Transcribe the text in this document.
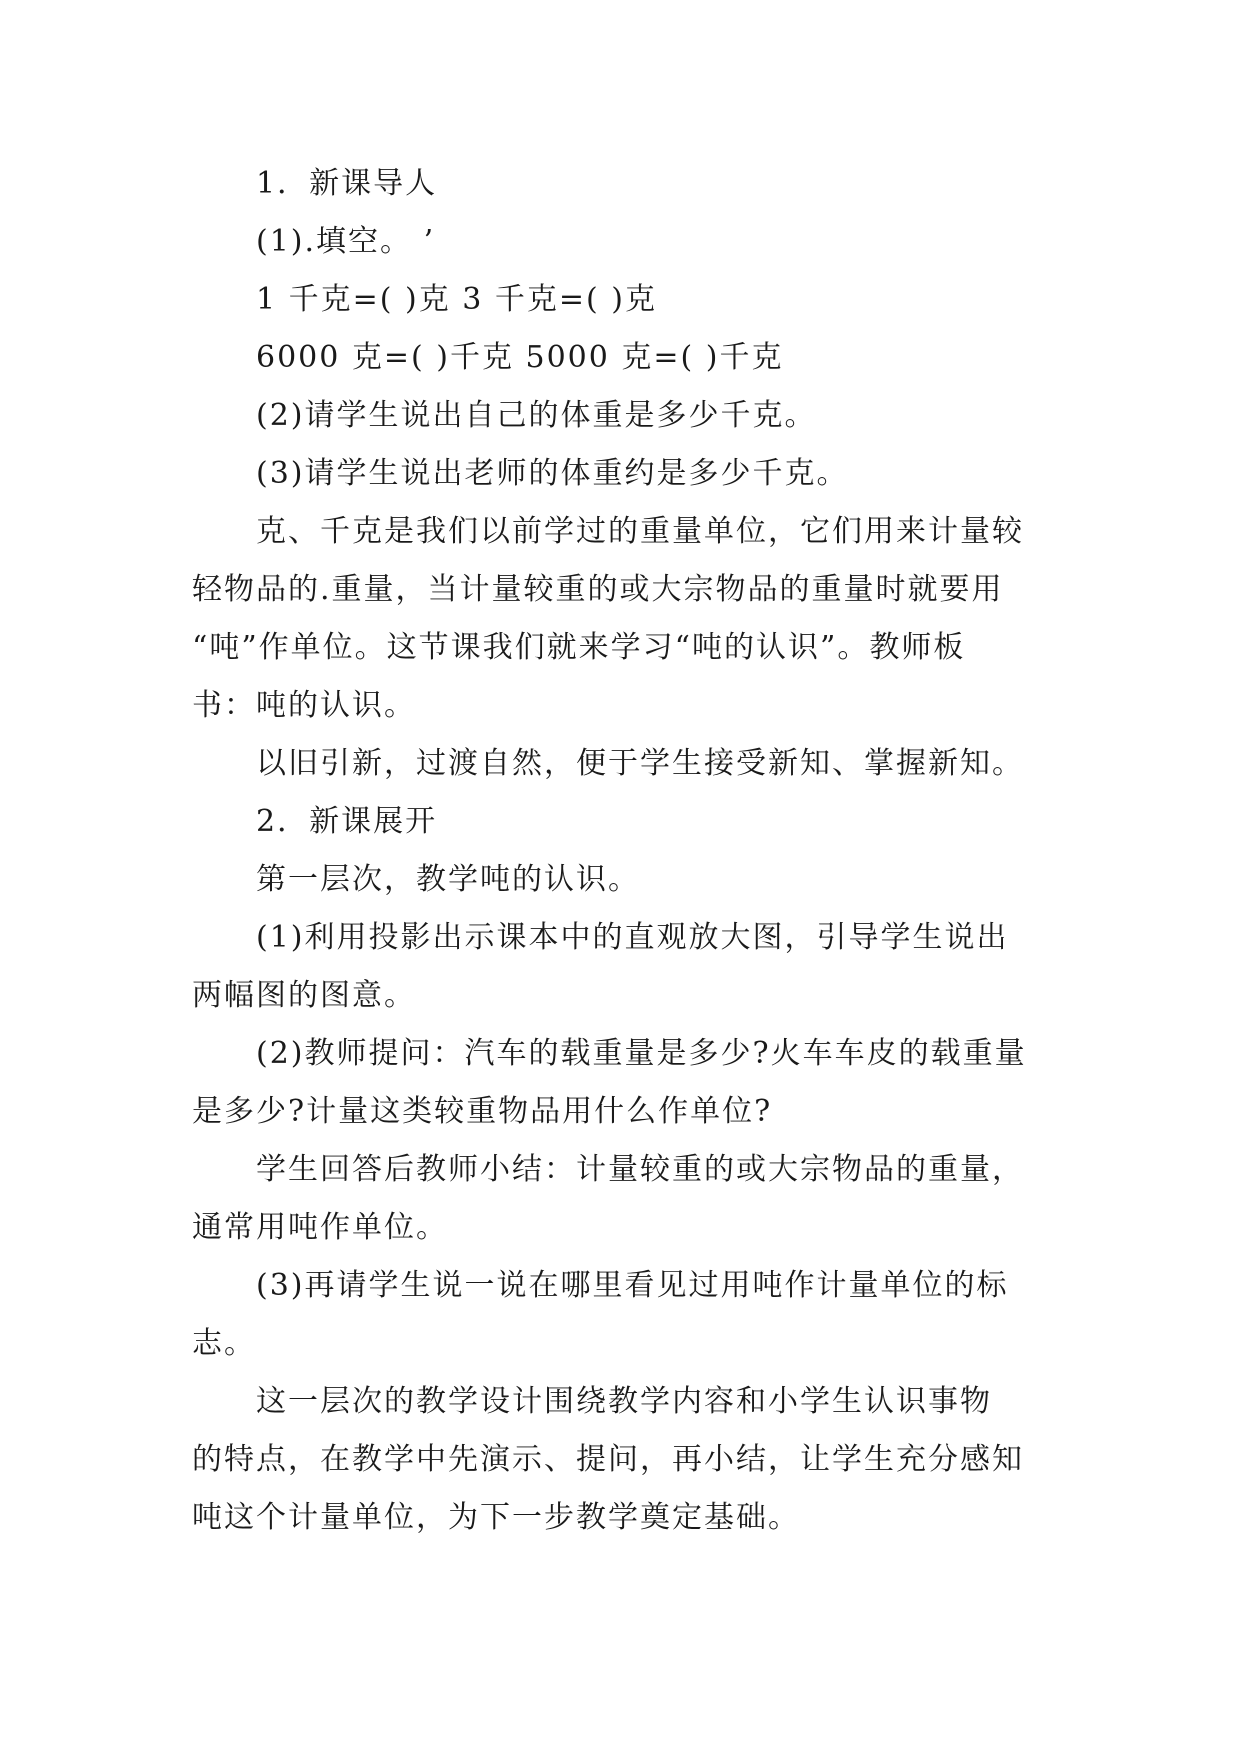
1．新课导人
(1).填空。 ’
1 千克=( )克 3 千克=( )克
6000 克=( )千克 5000 克=( )千克
(2)请学生说出自己的体重是多少千克。
(3)请学生说出老师的体重约是多少千克。
克、千克是我们以前学过的重量单位，它们用来计量较
轻物品的.重量，当计量较重的或大宗物品的重量时就要用
“吨”作单位。这节课我们就来学习“吨的认识”。教师板
书：吨的认识。
以旧引新，过渡自然，便于学生接受新知、掌握新知。
2．新课展开
第一层次，教学吨的认识。
(1)利用投影出示课本中的直观放大图，引导学生说出
两幅图的图意。
(2)教师提问：汽车的载重量是多少?火车车皮的载重量
是多少?计量这类较重物品用什么作单位?
学生回答后教师小结：计量较重的或大宗物品的重量，
通常用吨作单位。
(3)再请学生说一说在哪里看见过用吨作计量单位的标
志。
这一层次的教学设计围绕教学内容和小学生认识事物
的特点，在教学中先演示、提问，再小结，让学生充分感知
吨这个计量单位，为下一步教学奠定基础。
